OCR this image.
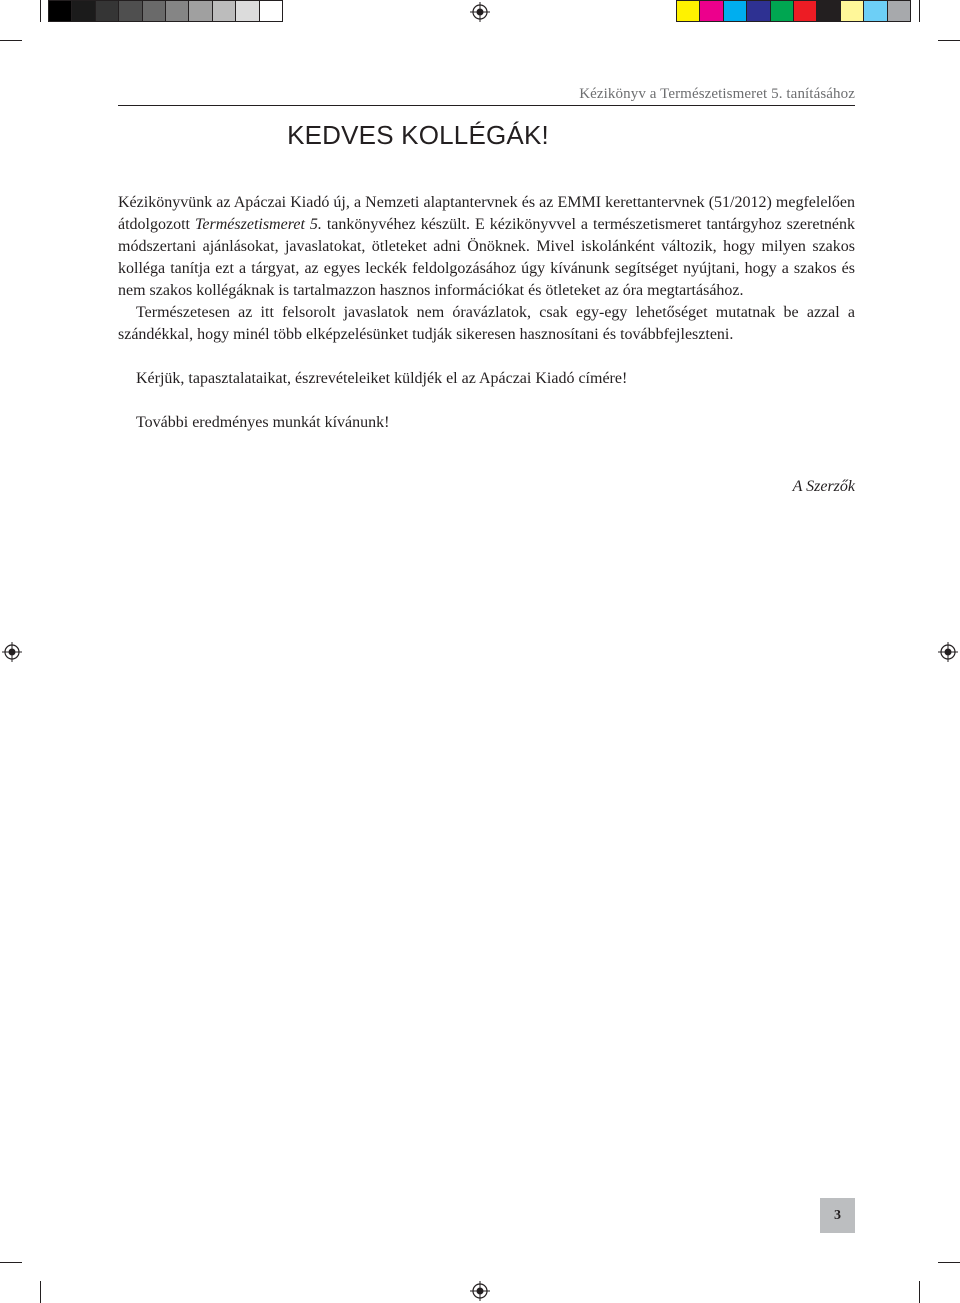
Kézikönyv a Természetismeret 5. tanításához
KEDVES KOLLÉGÁK!

Kézikönyvünk az Apáczai Kiadó új, a Nemzeti alaptantervnek és az EMMI kerettantervnek (51/2012) megfelelően átdolgozott Természetismeret 5. tankönyvéhez készült. E kézikönyvvel a természetismeret tantárgyhoz szeretnénk módszertani ajánlásokat, javaslatokat, ötleteket adni Önöknek. Mivel iskolánként változik, hogy milyen szakos kolléga tanítja ezt a tárgyat, az egyes leckék feldolgozásához úgy kívánunk segítséget nyújtani, hogy a szakos és nem szakos kollégáknak is tartalmazzon hasznos információkat és ötleteket az óra megtartásához.

Természetesen az itt felsorolt javaslatok nem óravázlatok, csak egy-egy lehetőséget mutatnak be azzal a szándékkal, hogy minél több elképzelésünket tudják sikeresen hasznosítani és továbbfejleszteni.

Kérjük, tapasztalataikat, észrevételeiket küldjék el az Apáczai Kiadó címére!

További eredményes munkát kívánunk!

A Szerzők
3
